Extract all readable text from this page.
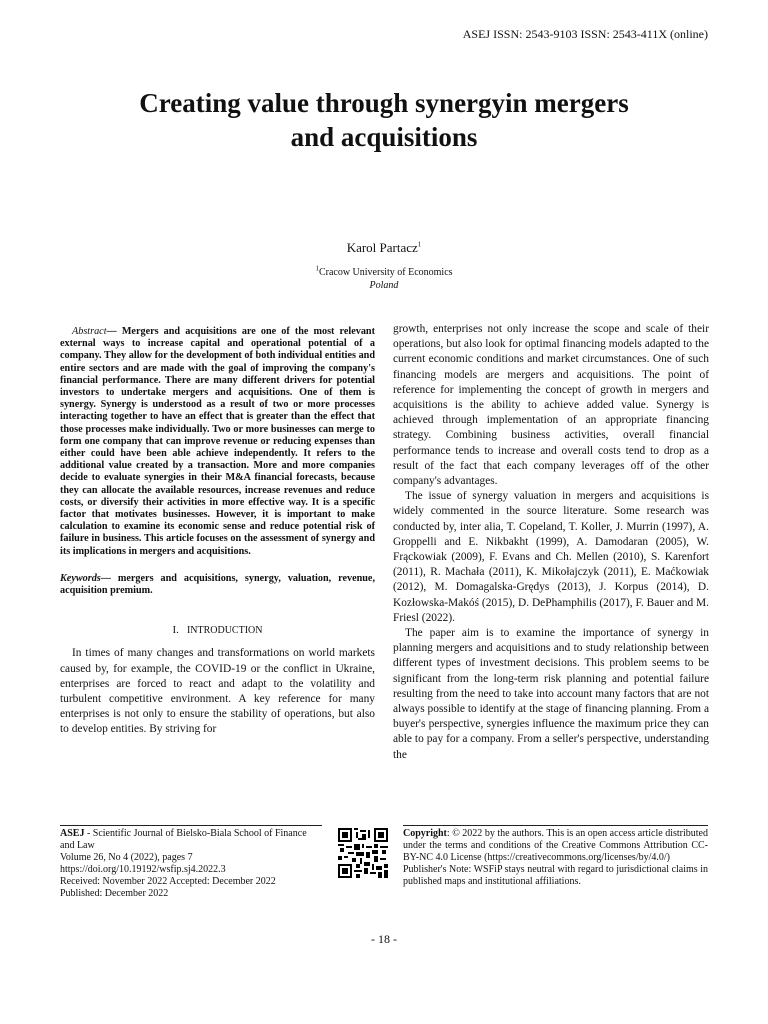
ASEJ ISSN: 2543-9103 ISSN: 2543-411X (online)
Creating value through synergyin mergers
and acquisitions
Karol Partacz$^1$
$^1$Cracow University of Economics
Poland

Abstract— Mergers and acquisitions are one of the most relevant external ways to increase capital and operational potential of a company. They allow for the development of both individual entities and entire sectors and are made with the goal of improving the company's financial performance. There are many different drivers for potential investors to undertake mergers and acquisitions. One of them is synergy. Synergy is understood as a result of two or more processes interacting together to have an effect that is greater than the effect that those processes make individually. Two or more businesses can merge to form one company that can improve revenue or reducing expenses than either could have been able achieve independently. It refers to the additional value created by a transaction. More and more companies decide to evaluate synergies in their M&A financial forecasts, because they can allocate the available resources, increase revenues and reduce costs, or diversify their activities in more effective way. It is a specific factor that motivates businesses. However, it is important to make calculation to examine its economic sense and reduce potential risk of failure in business. This article focuses on the assessment of synergy and its implications in mergers and acquisitions.

Keywords— mergers and acquisitions, synergy, valuation, revenue, acquisition premium.

I. INTRODUCTION

In times of many changes and transformations on world markets caused by, for example, the COVID-19 or the conflict in Ukraine, enterprises are forced to react and adapt to the volatility and turbulent competitive environment. A key reference for many enterprises is not only to ensure the stability of operations, but also to develop entities. By striving for

growth, enterprises not only increase the scope and scale of their operations, but also look for optimal financing models adapted to the current economic conditions and market circumstances. One of such financing models are mergers and acquisitions. The point of reference for implementing the concept of growth in mergers and acquisitions is the ability to achieve added value. Synergy is achieved through implementation of an appropriate financing strategy. Combining business activities, overall financial performance tends to increase and overall costs tend to drop as a result of the fact that each company leverages off of the other company's advantages.

The issue of synergy valuation in mergers and acquisitions is widely commented in the source literature. Some research was conducted by, inter alia, T. Copeland, T. Koller, J. Murrin (1997), A. Groppelli and E. Nikbakht (1999), A. Damodaran (2005), W. Frąckowiak (2009), F. Evans and Ch. Mellen (2010), S. Karenfort (2011), R. Machała (2011), K. Mikołajczyk (2011), E. Maćkowiak (2012), M. Domagalska-Grędys (2013), J. Korpus (2014), D. Kozłowska-Makóś (2015), D. DePhamphilis (2017), F. Bauer and M. Friesl (2022).

The paper aim is to examine the importance of synergy in planning mergers and acquisitions and to study relationship between different types of investment decisions. This problem seems to be significant from the long-term risk planning and potential failure resulting from the need to take into account many factors that are not always possible to identify at the stage of financing planning. From a buyer's perspective, synergies influence the maximum price they can able to pay for a company. From a seller's perspective, understanding the

ASEJ - Scientific Journal of Bielsko-Biala School of Finance and Law
Volume 26, No 4 (2022), pages 7
https://doi.org/10.19192/wsfip.sj4.2022.3
Received: November 2022 Accepted: December 2022
Published: December 2022
Copyright: © 2022 by the authors. This is an open access article distributed under the terms and conditions of the Creative Commons Attribution CC-BY-NC 4.0 License (https://creativecommons.org/licenses/by/4.0/)
Publisher's Note: WSFiP stays neutral with regard to jurisdictional claims in published maps and institutional affiliations.
- 18 -
